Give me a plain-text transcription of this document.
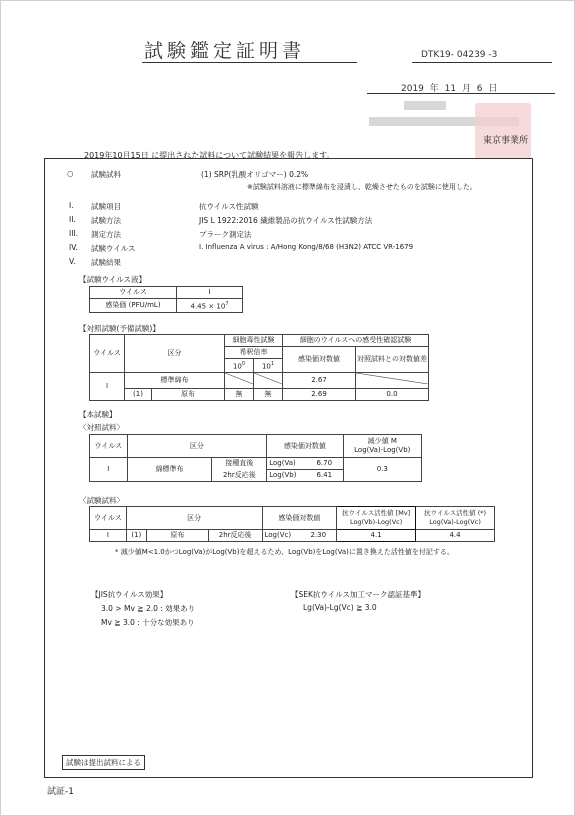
試験鑑定証明書	DTK19- 04239 -3
2019 年 11 月 6 日
東京事業所
2019年10月15日 に提出された試料について試験結果を報告します。
○ 試験試料	(1) SRP(乳酸オリゴマー) 0.2%
※試験試料溶液に標準綿布を浸漬し、乾燥させたものを試験に使用した。
I. 試験項目	抗ウイルス性試験
II. 試験方法	JIS L 1922:2016 繊維製品の抗ウイルス性試験方法
III. 測定方法	プラーク測定法
IV. 試験ウイルス	I. Influenza A virus : A/Hong Kong/8/68 (H3N2) ATCC VR-1679
V. 試験結果
【試験ウイルス液】
ウイルス	I
感染価 (PFU/mL)	$4.45 \times 10^7$
【対照試験(予備試験)】
ウイルス	区分		細胞毒性試験		細胞のウイルスへの感受性確認試験	
			希釈倍率		感染価対数値	対照試料との対数値差
			$10^0$	$10^1$
I	標準綿布				2.67	
	(1)	原布	無	無	2.69	0.0
【本試験】
〈対照試料〉
ウイルス	区分		感染価対数値		減少値 M
Log(Va)-Log(Vb)
I	綿標準布	接種直後	Log(Va)	6.70	0.3
		2hr反応後	Log(Vb)	6.41	
〈試験試料〉
ウイルス	区分			感染価対数値		抗ウイルス活性値 [Mv]
Log(Vb)-Log(Vc)	抗ウイルス活性値 (*)
Log(Va)-Log(Vc)
I	(1)	原布	2hr反応後	Log(Vc)	2.30	4.1	4.4
* 減少値M<1.0かつLog(Va)がLog(Vb)を超えるため、Log(Vb)をLog(Va)に置き換えた活性値を付記する。
【JIS抗ウイルス効果】
3.0 > Mv ≧ 2.0 : 効果あり
Mv ≧ 3.0 : 十分な効果あり
【SEK抗ウイルス加工マーク認証基準】
Lg(Va)-Lg(Vc) ≧ 3.0
試験は提出試料による
試証-1
